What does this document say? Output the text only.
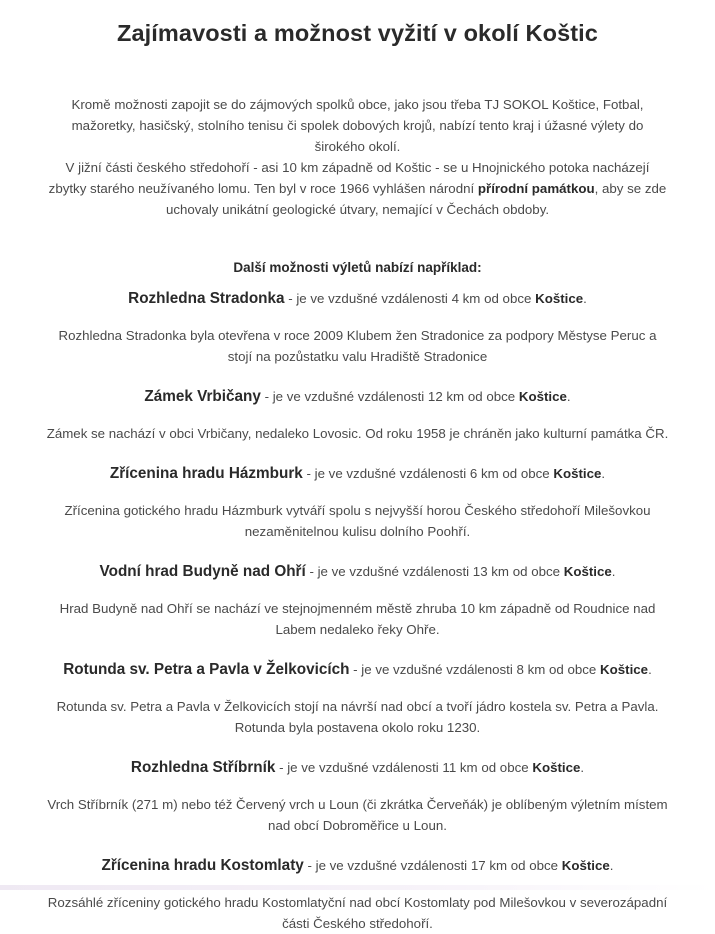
Zajímavosti a možnost vyžití v okolí Koštic
Kromě možnosti zapojit se do zájmových spolků obce, jako jsou třeba TJ SOKOL Koštice, Fotbal, mažoretky, hasičský, stolního tenisu či spolek dobových krojů, nabízí tento kraj i úžasné výlety do širokého okolí.
V jižní části českého středohoří - asi 10 km západně od Koštic - se u Hnojnického potoka nacházejí zbytky starého neužívaného lomu. Ten byl v roce 1966 vyhlášen národní přírodní památkou, aby se zde uchovaly unikátní geologické útvary, nemající v Čechách obdoby.
Další možnosti výletů nabízí například:
Rozhledna Stradonka - je ve vzdušné vzdálenosti 4 km od obce Koštice.
Rozhledna Stradonka byla otevřena v roce 2009 Klubem žen Stradonice za podpory Městyse Peruc a stojí na pozůstatku valu Hradiště Stradonice
Zámek Vrbičany - je ve vzdušné vzdálenosti 12 km od obce Koštice.
Zámek se nachází v obci Vrbičany, nedaleko Lovosic. Od roku 1958 je chráněn jako kulturní památka ČR.
Zřícenina hradu Házmburk - je ve vzdušné vzdálenosti 6 km od obce Koštice.
Zřícenina gotického hradu Házmburk vytváří spolu s nejvyšší horou Českého středohoří Milešovkou nezaměnitelnou kulisu dolního Poohří.
Vodní hrad Budyně nad Ohří - je ve vzdušné vzdálenosti 13 km od obce Koštice.
Hrad Budyně nad Ohří se nachází ve stejnojmenném městě zhruba 10 km západně od Roudnice nad Labem nedaleko řeky Ohře.
Rotunda sv. Petra a Pavla v Želkovicích - je ve vzdušné vzdálenosti 8 km od obce Koštice.
Rotunda sv. Petra a Pavla v Želkovicích stojí na návrší nad obcí a tvoří jádro kostela sv. Petra a Pavla. Rotunda byla postavena okolo roku 1230.
Rozhledna Stříbrník - je ve vzdušné vzdálenosti 11 km od obce Koštice.
Vrch Stříbrník (271 m) nebo též Červený vrch u Loun (či zkrátka Červeňák) je oblíbeným výletním místem nad obcí Dobroměřice u Loun.
Zřícenina hradu Kostomlaty - je ve vzdušné vzdálenosti 17 km od obce Koštice.
Rozsáhlé zříceniny gotického hradu Kostomlatyční nad obcí Kostomlaty pod Milešovkou v severozápadní části Českého středohoří.
